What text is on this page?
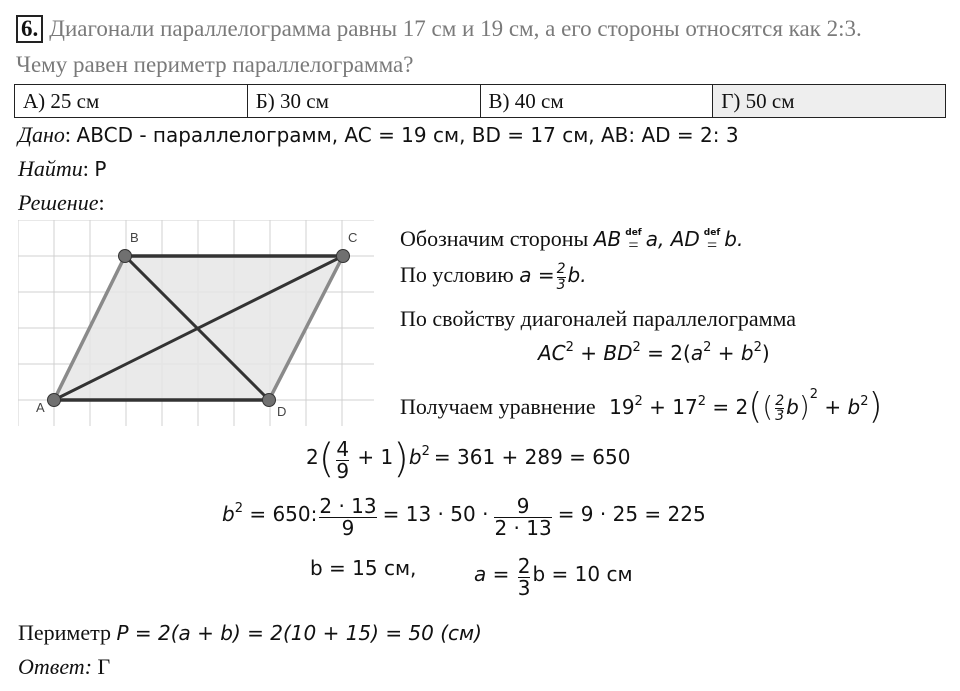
6. Диагонали параллелограмма равны 17 см и 19 см, а его стороны относятся как 2:3.
Чему равен периметр параллелограмма?
А) 25 см	Б) 30 см	В) 40 см	Г) 50 см
Дано: ABCD - параллелограмм, AC = 19 см, BD = 17 см, AB: AD = 2: 3
Найти: P
Решение:
A
B	C
D
Обозначим стороны AB def
= a, AD def
= b.
По условию $a = \frac{2}{3} b$.
По свойству диагоналей параллелограмма
$AC^2 + BD^2 = 2(a^2 + b^2)$
Получаем уравнение $19^2 + 17^2 = 2(( \frac{2}{3} b)^2 + b^2)$
$2( \frac{4}{9} + 1)b^2 = 361 + 289 = 650$
$b^2 = 650$: $\frac{2 \cdot 13}{9} = 13 \cdot 50 \cdot \frac{9}{2 \cdot 13} = 9 \cdot 25 = 225$
b = 15 см,	$a = \frac{2}{3}$ b = 10 см
Периметр P = 2(a + b) = 2(10 + 15) = 50 (см)
Ответ: Г
